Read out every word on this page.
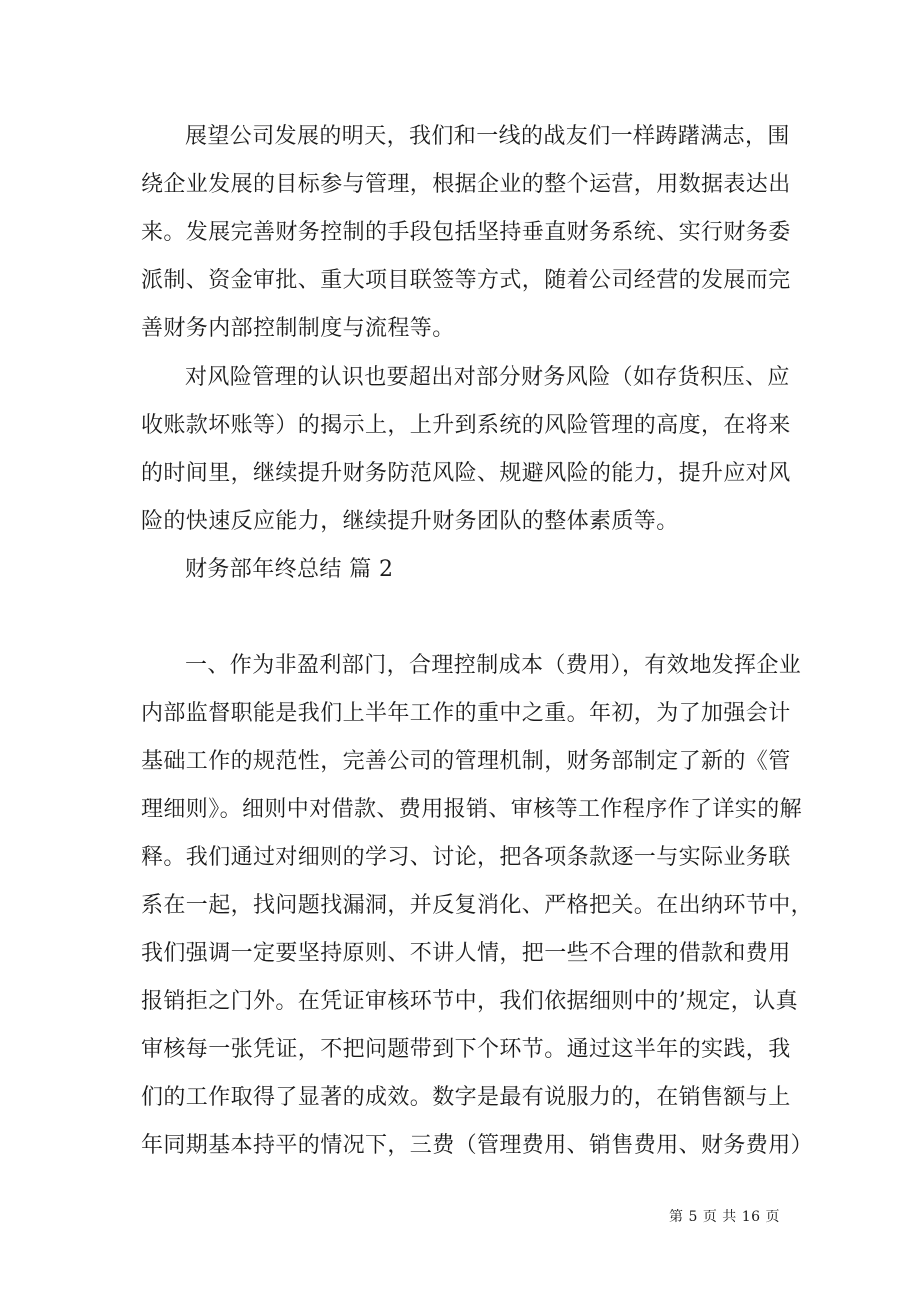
展望公司发展的明天，我们和一线的战友们一样踌躇满志，围
绕企业发展的目标参与管理，根据企业的整个运营，用数据表达出
来。发展完善财务控制的手段包括坚持垂直财务系统、实行财务委
派制、资金审批、重大项目联签等方式，随着公司经营的发展而完
善财务内部控制制度与流程等。
对风险管理的认识也要超出对部分财务风险（如存货积压、应
收账款坏账等）的揭示上，上升到系统的风险管理的高度，在将来
的时间里，继续提升财务防范风险、规避风险的能力，提升应对风
险的快速反应能力，继续提升财务团队的整体素质等。
财务部年终总结 篇 2
一、作为非盈利部门，合理控制成本（费用），有效地发挥企业
内部监督职能是我们上半年工作的重中之重。年初，为了加强会计
基础工作的规范性，完善公司的管理机制，财务部制定了新的《管
理细则》。细则中对借款、费用报销、审核等工作程序作了详实的解
释。我们通过对细则的学习、讨论，把各项条款逐一与实际业务联
系在一起，找问题找漏洞，并反复消化、严格把关。在出纳环节中，
我们强调一定要坚持原则、不讲人情，把一些不合理的借款和费用
报销拒之门外。在凭证审核环节中，我们依据细则中的’规定，认真
审核每一张凭证，不把问题带到下个环节。通过这半年的实践，我
们的工作取得了显著的成效。数字是最有说服力的，在销售额与上
年同期基本持平的情况下，三费（管理费用、销售费用、财务费用）
第 5 页 共 16 页
